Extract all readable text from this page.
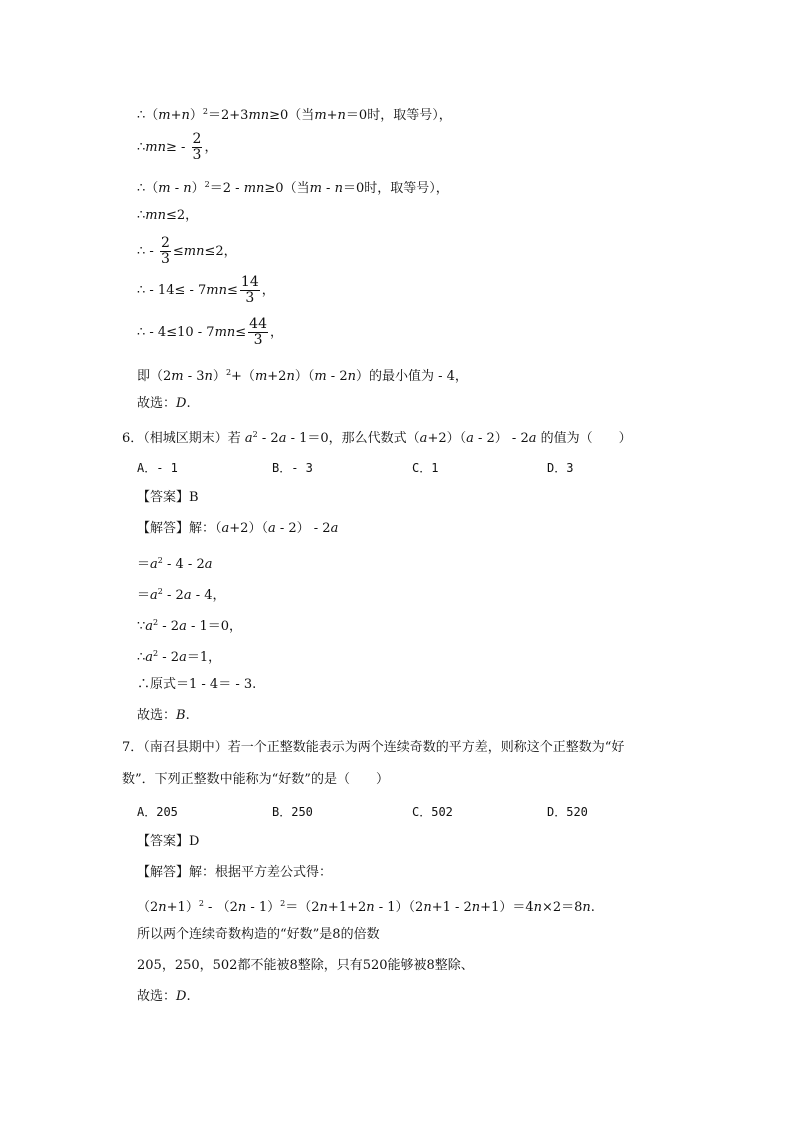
$\therefore(m+n)^2=2+3mn\ge 0$（当m+n＝0时，取等号），
∴mn≥ - $\frac{2}{3}$ ，
∴（m - n）$^2$＝2 - mn≥0（当m - n＝0时，取等号），
∴mn≤2，
∴ - $\frac{2}{3} \le mn\le 2$，
∴ - $14\le - 7mn\le \frac{14}{3}$ ，
∴ - $4\le 10 - 7mn\le \frac{44}{3}$ ，
即（2m - 3n）$^2$+（m+2n）（m - 2n）的最小值为 - 4，
故选：D.
6．（相城区期末）若 $a^2 - 2a - 1=0$，那么代数式（a+2）（a - 2） - 2a 的值为（　　）
A．- 1	B．- 3	C．1	D．3
【答案】B
【解答】解：（a+2）（a - 2） - 2a
$=a^2 - 4 - 2a$
$=a^2 - 2a - 4$，
$\because a^2 - 2a - 1=0$，
$\therefore a^2 - 2a=1$，
∴原式＝1 - 4＝ - 3.
故选：B.
7．（南召县期中）若一个正整数能表示为两个连续奇数的平方差，则称这个正整数为“好
数”．下列正整数中能称为“好数”的是（　　）
A．205	B．250	C．502	D．520
【答案】D
【解答】解：根据平方差公式得：
$(2n+1)^2 - (2n - 1)^2=(2n+1+2n - 1)(2n+1 - 2n+1)=4n\times 2=8n$.
所以两个连续奇数构造的“好数”是8的倍数
205，250，502都不能被8整除，只有520能够被8整除、
故选：D.
